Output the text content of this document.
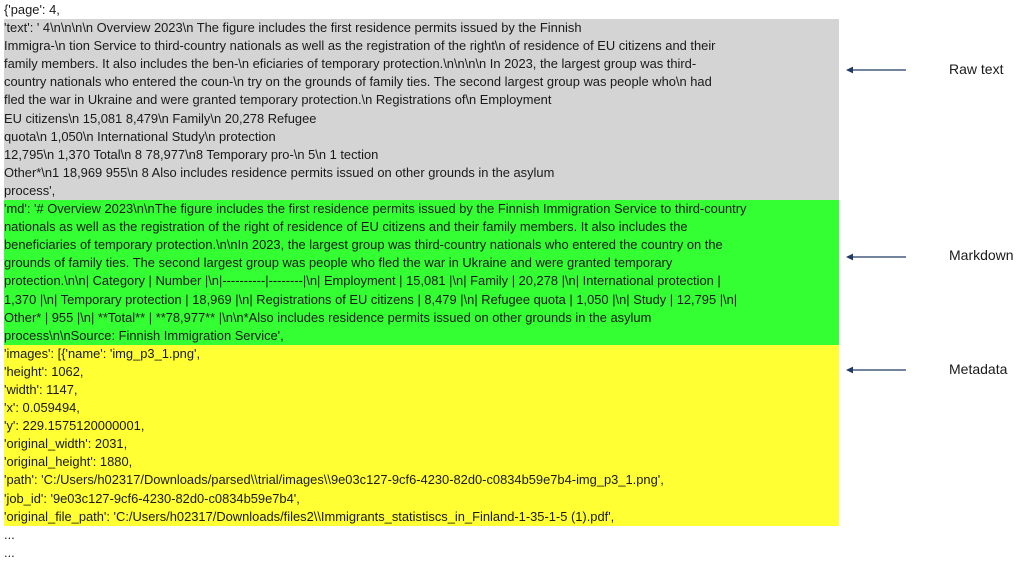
{'page': 4,
'text': ' 4\n\n\n\n Overview 2023\n The figure includes the first residence permits issued by the Finnish
Immigra-\n tion Service to third-country nationals as well as the registration of the right\n of residence of EU citizens and their
family members. It also includes the ben-\n eficiaries of temporary protection.\n\n\n\n In 2023, the largest group was third-
country nationals who entered the coun-\n try on the grounds of family ties. The second largest group was people who\n had
fled the war in Ukraine and were granted temporary protection.\n Registrations of\n Employment
EU citizens\n 15,081 8,479\n Family\n 20,278 Refugee
quota\n 1,050\n International Study\n protection
12,795\n 1,370 Total\n 8 78,977\n8 Temporary pro-\n 5\n 1 tection
Other*\n1 18,969 955\n 8 Also includes residence permits issued on other grounds in the asylum
process',
'md': '# Overview 2023\n\nThe figure includes the first residence permits issued by the Finnish Immigration Service to third-country
nationals as well as the registration of the right of residence of EU citizens and their family members. It also includes the
beneficiaries of temporary protection.\n\nIn 2023, the largest group was third-country nationals who entered the country on the
grounds of family ties. The second largest group was people who fled the war in Ukraine and were granted temporary
protection.\n\n| Category | Number |\n|----------|--------|\n| Employment | 15,081 |\n| Family | 20,278 |\n| International protection |
1,370 |\n| Temporary protection | 18,969 |\n| Registrations of EU citizens | 8,479 |\n| Refugee quota | 1,050 |\n| Study | 12,795 |\n|
Other* | 955 |\n| **Total** | **78,977** |\n\n*Also includes residence permits issued on other grounds in the asylum
process\n\nSource: Finnish Immigration Service',
'images': [{'name': 'img_p3_1.png',
'height': 1062,
'width': 1147,
'x': 0.059494,
'y': 229.1575120000001,
'original_width': 2031,
'original_height': 1880,
'path': 'C:/Users/h02317/Downloads/parsed\\trial/images\\9e03c127-9cf6-4230-82d0-c0834b59e7b4-img_p3_1.png',
'job_id': '9e03c127-9cf6-4230-82d0-c0834b59e7b4',
'original_file_path': 'C:/Users/h02317/Downloads/files2\\Immigrants_statistiscs_in_Finland-1-35-1-5 (1).pdf',
...
...
Raw text
Markdown
Metadata
